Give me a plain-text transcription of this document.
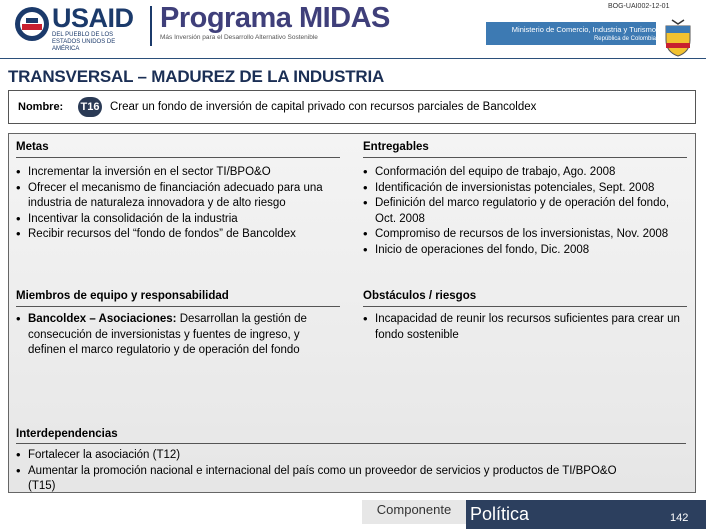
BOG-UAI002-12-01
USAID
DEL PUEBLO DE LOS ESTADOS UNIDOS DE AMÉRICA
Programa MIDAS
Más Inversión para el Desarrollo Alternativo Sostenible
Ministerio de Comercio, Industria y Turismo
República de Colombia
TRANSVERSAL – MADUREZ DE LA INDUSTRIA
Nombre: T16 Crear un fondo de inversión de capital privado con recursos parciales de Bancoldex
Metas
• Incrementar la inversión en el sector TI/BPO&O
• Ofrecer el mecanismo de financiación adecuado para una industria de naturaleza innovadora y de alto riesgo
• Incentivar la consolidación de la industria
• Recibir recursos del “fondo de fondos” de Bancoldex
Entregables
• Conformación del equipo de trabajo, Ago. 2008
• Identificación de inversionistas potenciales, Sept. 2008
• Definición del marco regulatorio y de operación del fondo, Oct. 2008
• Compromiso de recursos de los inversionistas, Nov. 2008
• Inicio de operaciones del fondo, Dic. 2008
Miembros de equipo y responsabilidad
• Bancoldex – Asociaciones: Desarrollan la gestión de consecución de inversionistas y fuentes de ingreso, y definen el marco regulatorio y de operación del fondo
Obstáculos / riesgos
• Incapacidad de reunir los recursos suficientes para crear un fondo sostenible
Interdependencias
• Fortalecer la asociación (T12)
• Aumentar la promoción nacional e internacional del país como un proveedor de servicios y productos de TI/BPO&O (T15)
Componente	Política	142
